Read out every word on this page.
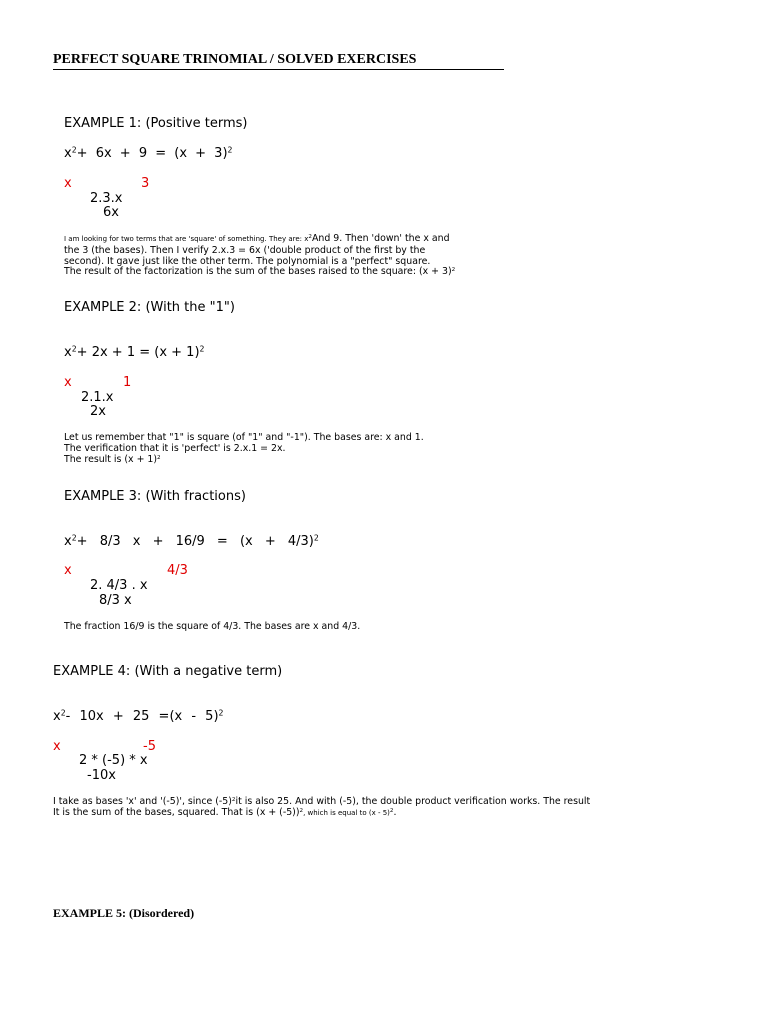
PERFECT SQUARE TRINOMIAL / SOLVED EXERCISES
EXAMPLE 1: (Positive terms)
$x^2+ 6x + 9 = (x + 3)^2$
x	3
2.3.x
6x
I am looking for two terms that are 'square' of something. They are: $x^2And$ 9. Then 'down' the x and
the 3 (the bases). Then I verify 2.x.3 = 6x ('double product of the first by the
second). It gave just like the other term. The polynomial is a "perfect" square.
The result of the factorization is the sum of the bases raised to the square: $(x + 3)^2$
EXAMPLE 2: (With the "1")
$x^2+ 2x + 1 = (x + 1)^2$
x	1
2.1.x
2x
Let us remember that "1" is square (of "1" and "-1"). The bases are: x and 1.
The verification that it is 'perfect' is 2.x.1 = 2x.
The result is $(x + 1)^2$
EXAMPLE 3: (With fractions)
$x^2+ 8/3$ $x + 16/9 = (x + 4/3)^2$
x	4/3
2. 4/3 . x
8/3 x
The fraction 16/9 is the square of 4/3. The bases are x and 4/3.
EXAMPLE 4: (With a negative term)
$x^2-$ 10x + 25 =(x - 5)$^2$
x	-5
2 * (-5) * x
-10x
I take as bases 'x' and '(-5)', since $(-5)^2it$ is also 25. And with (-5), the double product verification works. The result
It is the sum of the bases, squared. That is $(x + (-5))^2$, which is equal to (x - 5)$^2$.
EXAMPLE 5: (Disordered)
